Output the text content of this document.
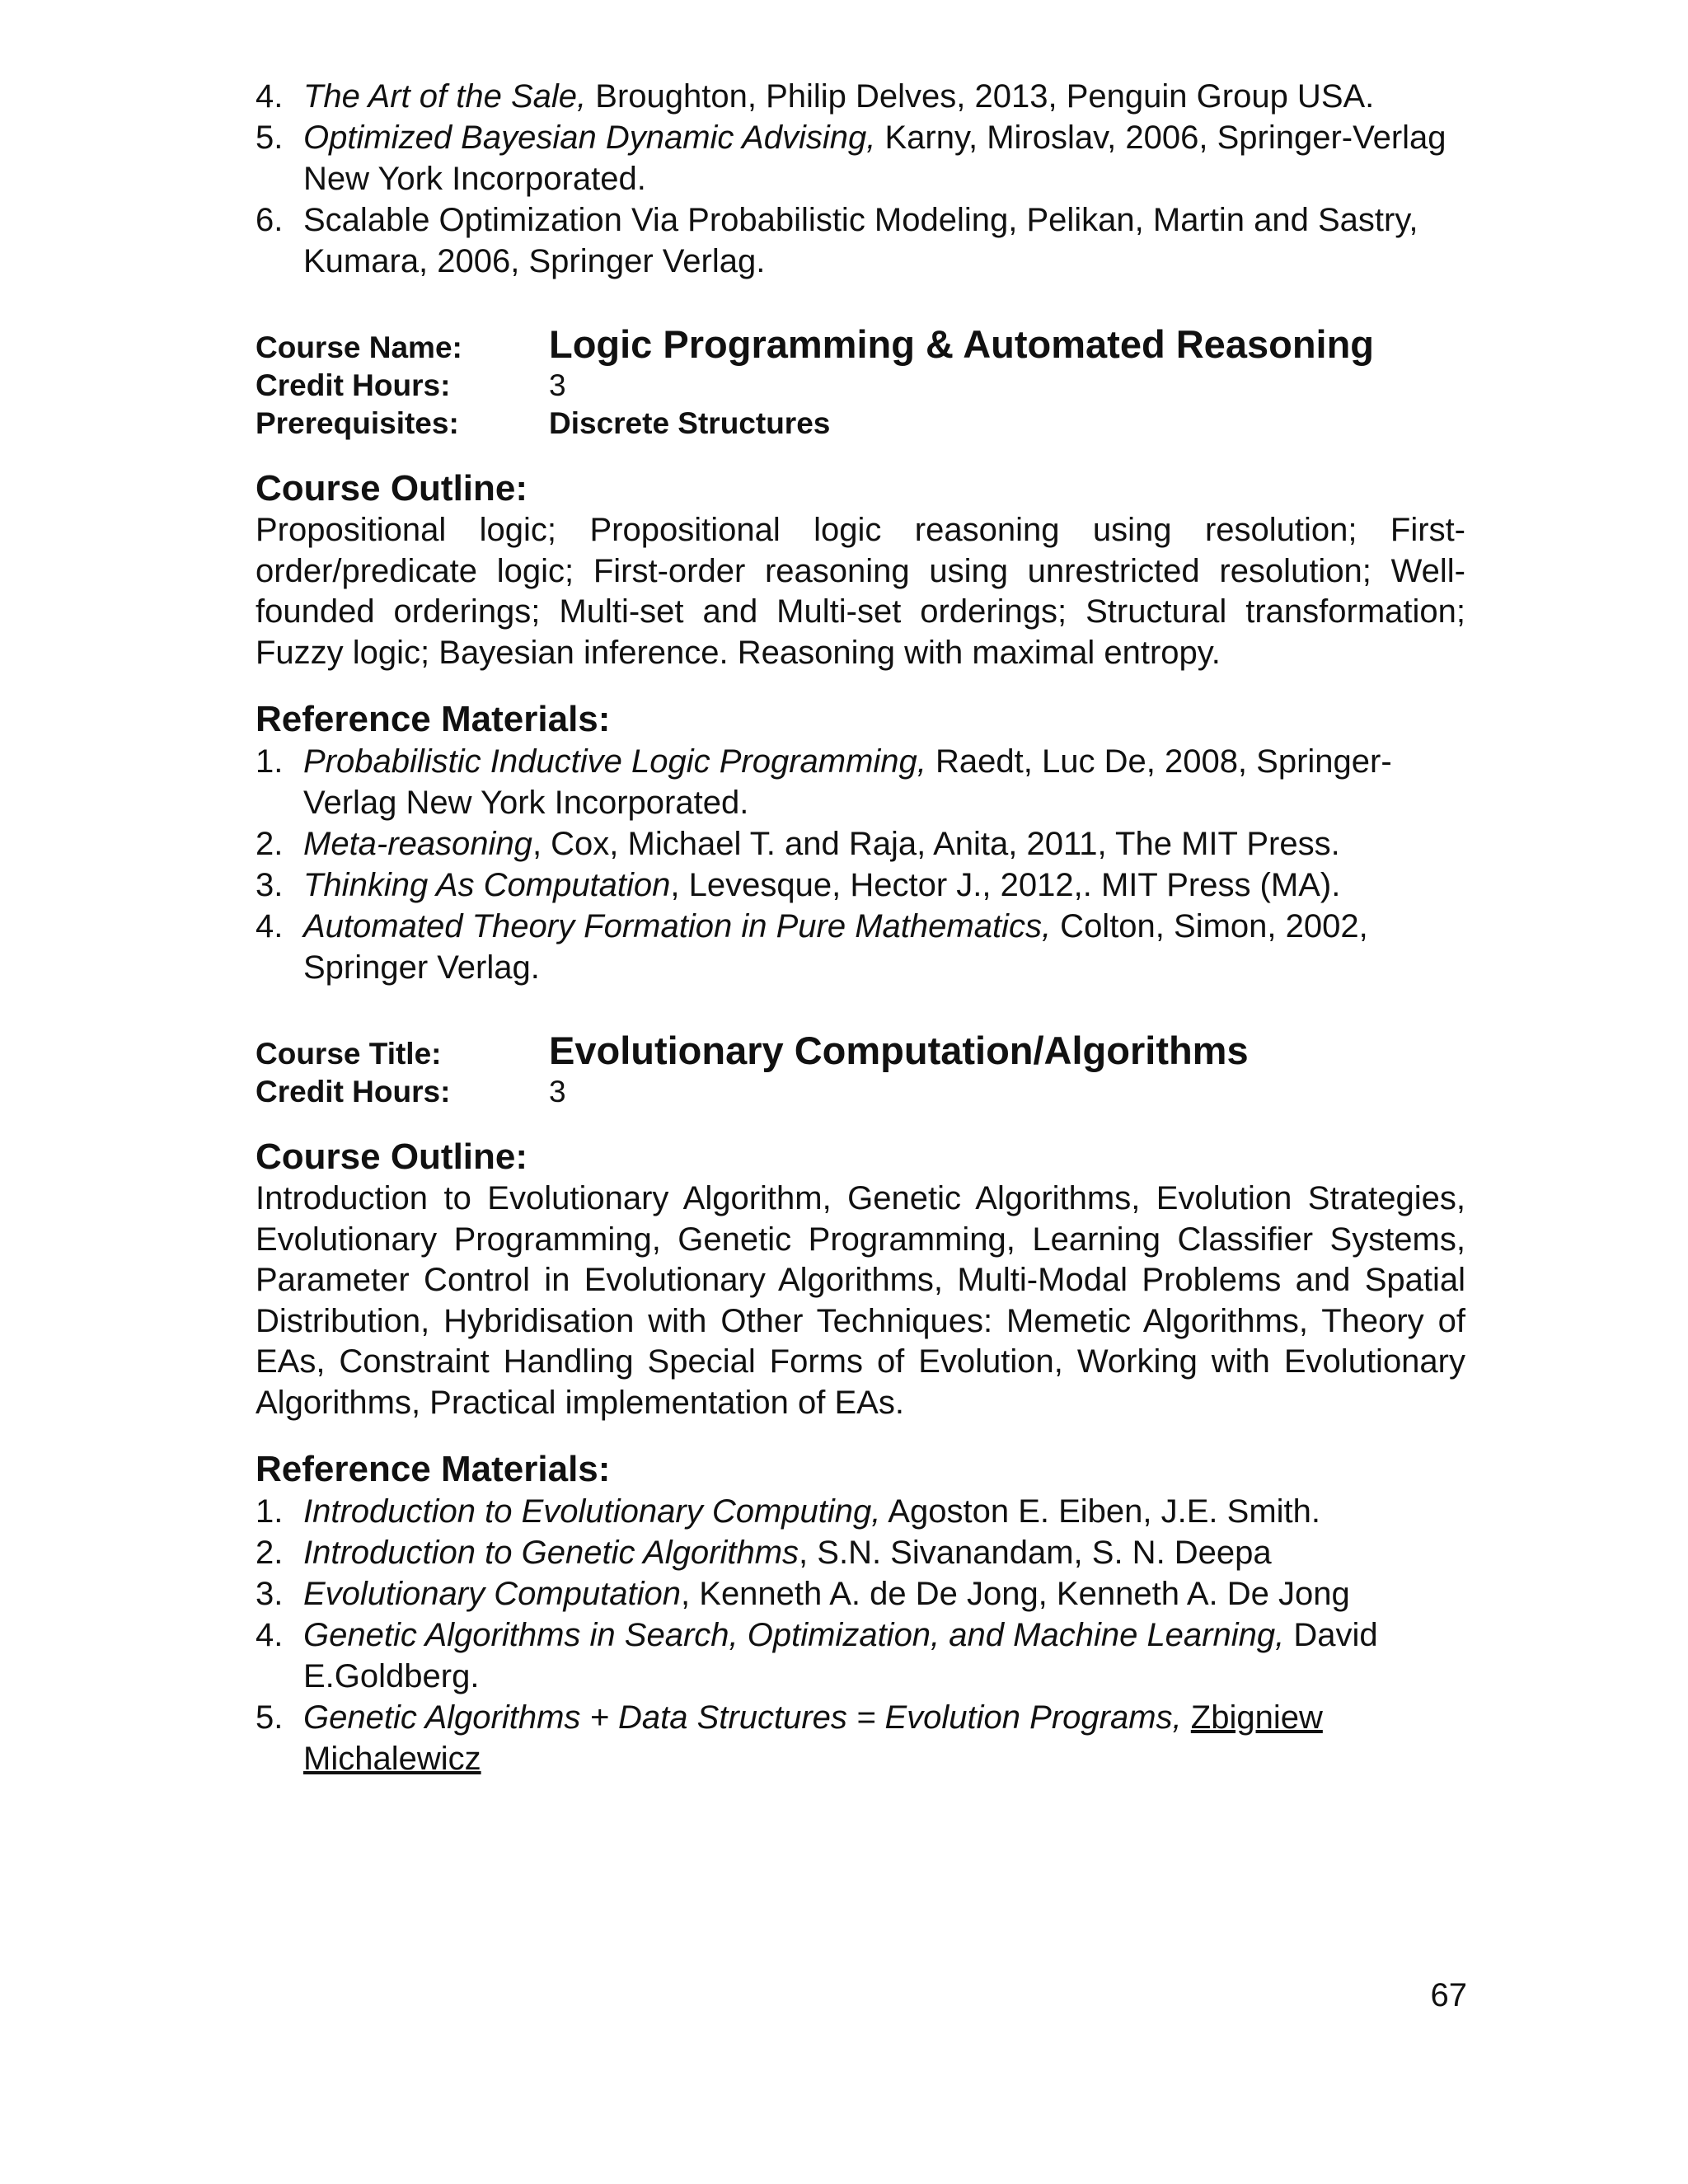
4. The Art of the Sale, Broughton, Philip Delves, 2013, Penguin Group USA.
5. Optimized Bayesian Dynamic Advising, Karny, Miroslav, 2006, Springer-Verlag New York Incorporated.
6. Scalable Optimization Via Probabilistic Modeling, Pelikan, Martin and Sastry, Kumara, 2006, Springer Verlag.
Course Name:	Logic Programming & Automated Reasoning
Credit Hours:	3
Prerequisites:	Discrete Structures
Course Outline:

Propositional logic; Propositional logic reasoning using resolution; First-order/predicate logic; First-order reasoning using unrestricted resolution; Well-founded orderings; Multi-set and Multi-set orderings; Structural transformation; Fuzzy logic; Bayesian inference. Reasoning with maximal entropy.

Reference Materials:
1. Probabilistic Inductive Logic Programming, Raedt, Luc De, 2008, Springer-Verlag New York Incorporated.
2. Meta-reasoning, Cox, Michael T. and Raja, Anita, 2011, The MIT Press.
3. Thinking As Computation, Levesque, Hector J., 2012,. MIT Press (MA).
4. Automated Theory Formation in Pure Mathematics, Colton, Simon, 2002, Springer Verlag.
Course Title:	Evolutionary Computation/Algorithms
Credit Hours:	3
Course Outline:

Introduction to Evolutionary Algorithm, Genetic Algorithms, Evolution Strategies, Evolutionary Programming, Genetic Programming, Learning Classifier Systems, Parameter Control in Evolutionary Algorithms, Multi-Modal Problems and Spatial Distribution, Hybridisation with Other Techniques: Memetic Algorithms, Theory of EAs, Constraint Handling Special Forms of Evolution, Working with Evolutionary Algorithms, Practical implementation of EAs.

Reference Materials:
1. Introduction to Evolutionary Computing, Agoston E. Eiben, J.E. Smith.
2. Introduction to Genetic Algorithms, S.N. Sivanandam, S. N. Deepa
3. Evolutionary Computation, Kenneth A. de De Jong, Kenneth A. De Jong
4. Genetic Algorithms in Search, Optimization, and Machine Learning, David E.Goldberg.
5. Genetic Algorithms + Data Structures = Evolution Programs, Zbigniew Michalewicz
67
